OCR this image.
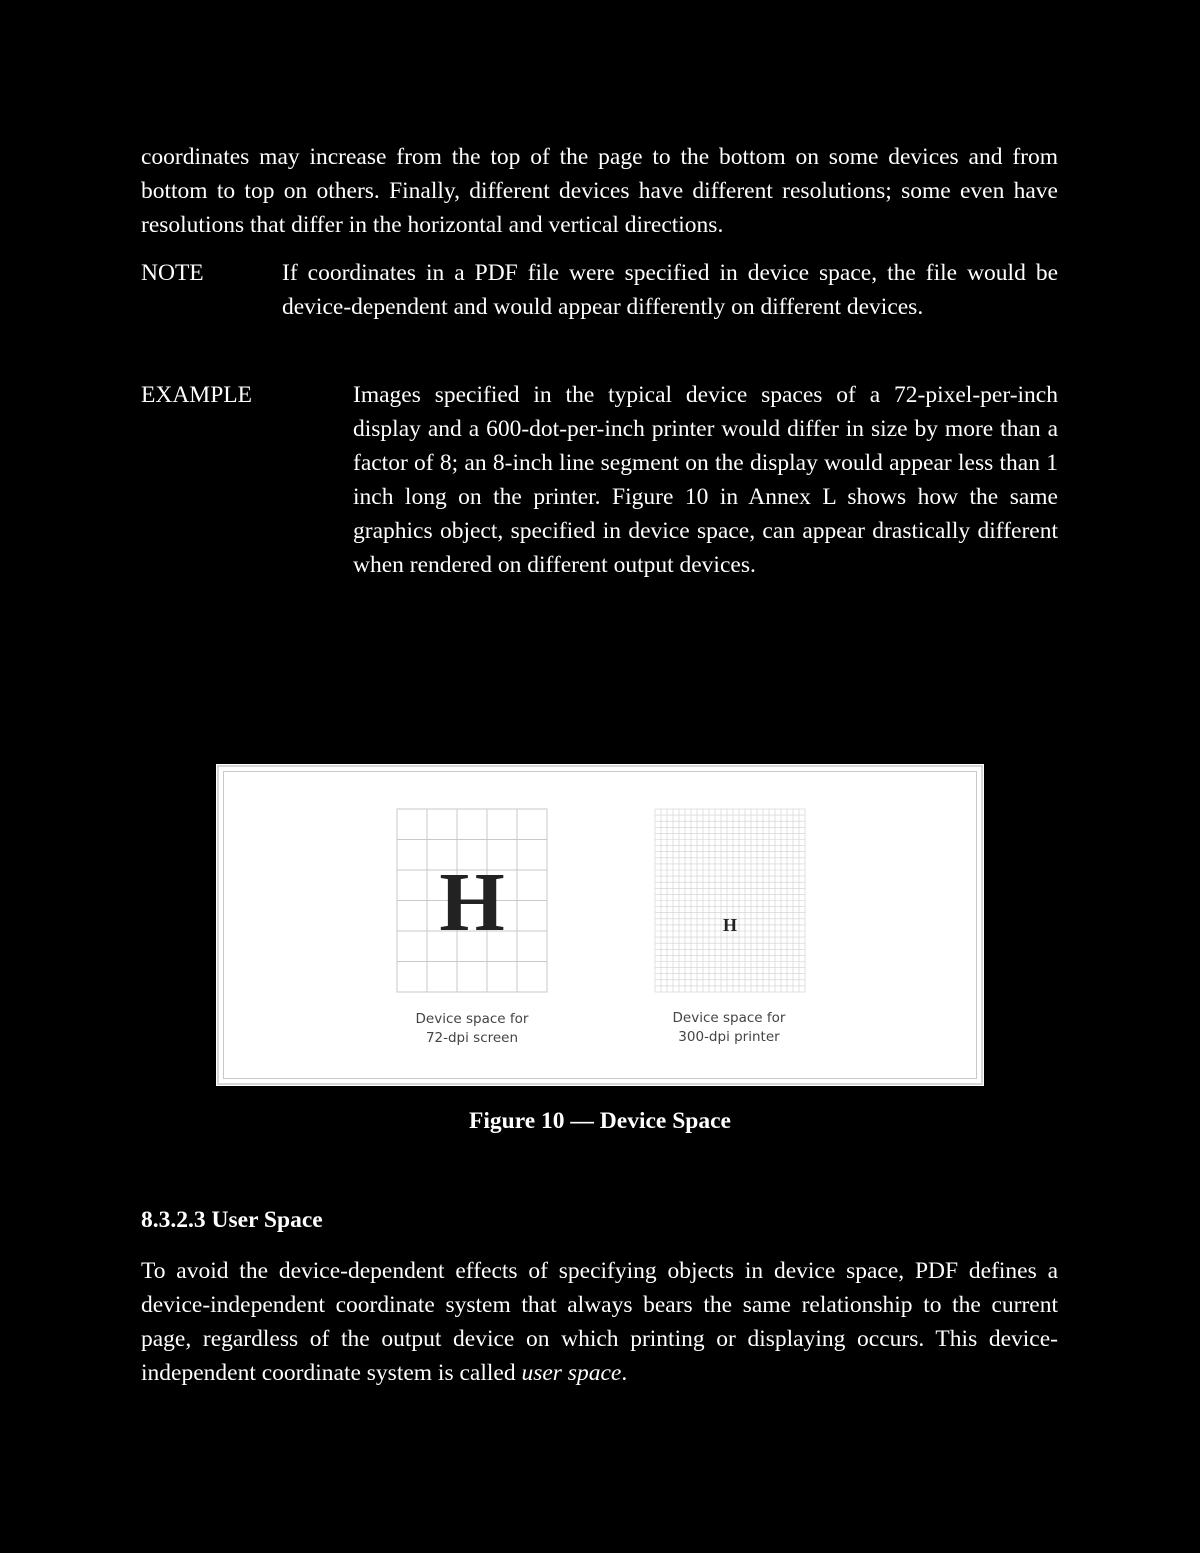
coordinates may increase from the top of the page to the bottom on some devices and from bottom to top on others. Finally, different devices have different resolutions; some even have resolutions that differ in the horizontal and vertical directions.

NOTE	If coordinates in a PDF file were specified in device space, the file would be device-dependent and would appear differently on different devices.
EXAMPLE	Images specified in the typical device spaces of a 72-pixel-per-inch display and a 600-dot-per-inch printer would differ in size by more than a factor of 8; an 8-inch line segment on the display would appear less than 1 inch long on the printer. Figure 10 in Annex L shows how the same graphics object, specified in device space, can appear drastically different when rendered on different output devices.
H	H
Device space for
72-dpi screen
Device space for
300-dpi printer
Figure 10 — Device Space
8.3.2.3 User Space

To avoid the device-dependent effects of specifying objects in device space, PDF defines a device-independent coordinate system that always bears the same relationship to the current page, regardless of the output device on which printing or displaying occurs. This device-independent coordinate system is called user space.
